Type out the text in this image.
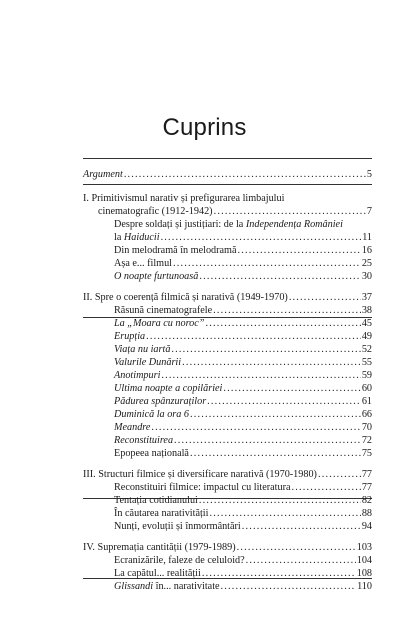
Cuprins
Argument .....	5
I. Primitivismul narativ și prefigurarea limbajului
cinematografic (1912-1942) .....	7
Despre soldați și justițiari: de la Independența României
la Haiducii .....	11
Din melodramă în melodramă .....	16
Așa e... filmul .....	25
O noapte furtunoasă .....	30
II. Spre o coerență filmică și narativă (1949-1970) .....	37
Răsună cinematografele .....	38
La „Moara cu noroc” .....	45
Erupția .....	49
Viața nu iartă .....	52
Valurile Dunării .....	55
Anotimpuri .....	59
Ultima noapte a copilăriei .....	60
Pădurea spânzuraților .....	61
Duminică la ora 6 .....	66
Meandre .....	70
Reconstituirea .....	72
Epopeea națională .....	75
III. Structuri filmice și diversificare narativă (1970-1980) .....	77
Reconstituiri filmice: impactul cu literatura .....	77
Tentația cotidianului .....	82
În căutarea narativității .....	88
Nunți, evoluții și înmormântări .....	94
IV. Supremația cantității (1979-1989) .....	103
Ecranizările, faleze de celuloid? .....	104
La capătul... realității .....	108
Glissandi în... narativitate .....	110
